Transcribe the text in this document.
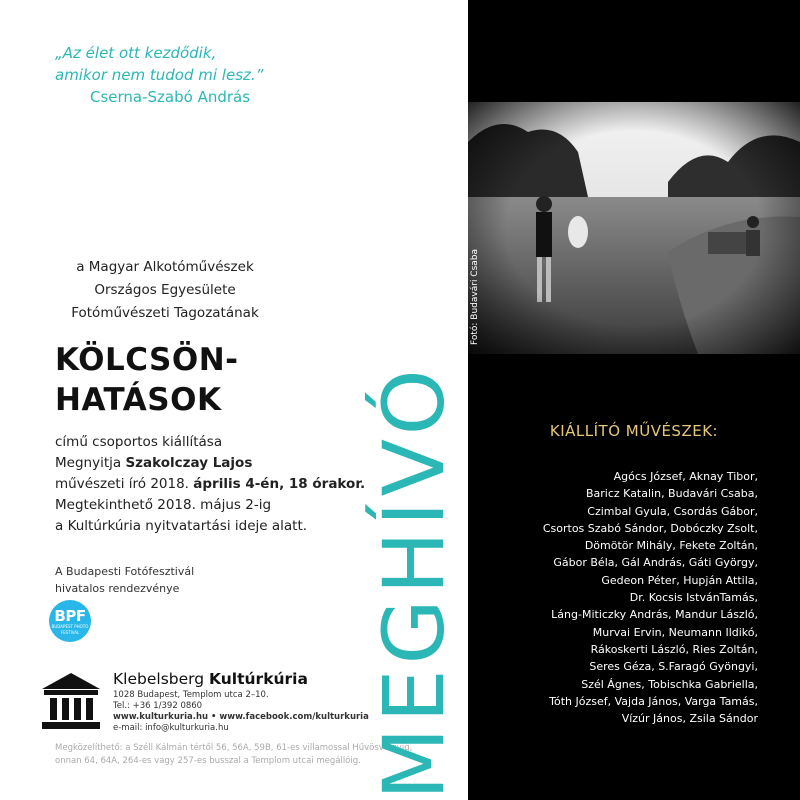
„Az élet ott kezdődik,
amikor nem tudod mi lesz.”
Cserna-Szabó András
a Magyar Alkotóművészek
Országos Egyesülete
Fotóművészeti Tagozatának
KÖLCSÖN-
HATÁSOK
című csoportos kiállítása
Megnyitja Szakolczay Lajos
művészeti író 2018. április 4-én, 18 órakor.
Megtekinthető 2018. május 2-ig
a Kultúrkúria nyitvatartási ideje alatt.
A Budapesti Fotófesztivál
hivatalos rendezvénye
BPF
BUDAPEST PHOTO FESTIVAL
Klebelsberg Kultúrkúria
1028 Budapest, Templom utca 2–10.
Tel.: +36 1/392 0860
www.kulturkuria.hu • www.facebook.com/kulturkuria
e-mail: info@kulturkuria.hu
Megközelíthető: a Széll Kálmán tértől 56, 56A, 59B, 61-es villamossal Hűvösvölgyig,
onnan 64, 64A, 264-es vagy 257-es busszal a Templom utcai megállóig. MEGHÍVÓ
Fotó: Budavári Csaba
KIÁLLÍTÓ MŰVÉSZEK:
Agócs József, Aknay Tibor,
Baricz Katalin, Budavári Csaba,
Czimbal Gyula, Csordás Gábor,
Csortos Szabó Sándor, Dobóczky Zsolt,
Dömötör Mihály, Fekete Zoltán,
Gábor Béla, Gál András, Gáti György,
Gedeon Péter, Hupján Attila,
Dr. Kocsis IstvánTamás,
Láng-Miticzky András, Mandur László,
Murvai Ervin, Neumann Ildikó,
Rákoskerti László, Ries Zoltán,
Seres Géza, S.Faragó Gyöngyi,
Szél Ágnes, Tobischka Gabriella,
Tóth József, Vajda János, Varga Tamás,
Vízúr János, Zsila Sándor
